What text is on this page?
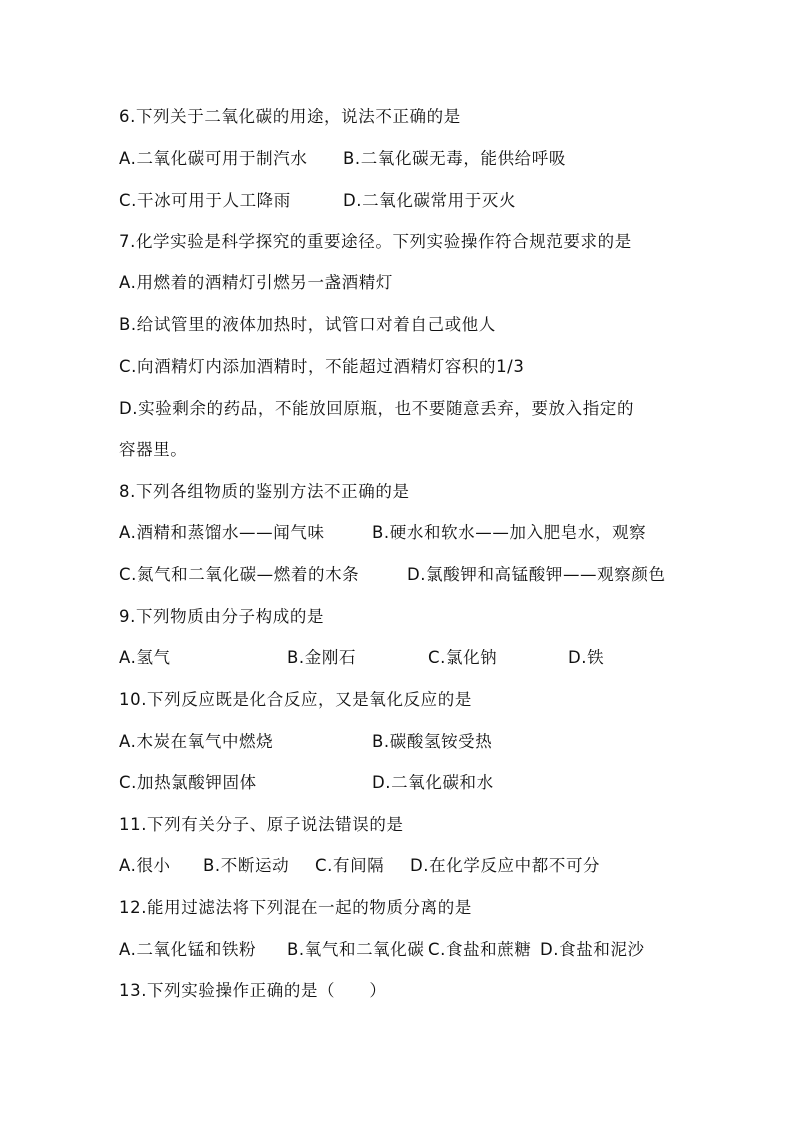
6.下列关于二氧化碳的用途，说法不正确的是
A.二氧化碳可用于制汽水 B.二氧化碳无毒，能供给呼吸
C.干冰可用于人工降雨	D.二氧化碳常用于灭火
7.化学实验是科学探究的重要途径。下列实验操作符合规范要求的是
A.用燃着的酒精灯引燃另一盏酒精灯
B.给试管里的液体加热时，试管口对着自己或他人
C.向酒精灯内添加酒精时，不能超过酒精灯容积的1/3
D.实验剩余的药品，不能放回原瓶，也不要随意丢弃，要放入指定的
容器里。
8.下列各组物质的鉴别方法不正确的是
A.酒精和蒸馏水——闻气味	B.硬水和软水——加入肥皂水，观察
C.氮气和二氧化碳—燃着的木条	D.氯酸钾和高锰酸钾——观察颜色
9.下列物质由分子构成的是
A.氢气	B.金刚石	C.氯化钠	D.铁
10.下列反应既是化合反应，又是氧化反应的是
A.木炭在氧气中燃烧	B.碳酸氢铵受热
C.加热氯酸钾固体	D.二氧化碳和水
11.下列有关分子、原子说法错误的是
A.很小 B.不断运动 C.有间隔 D.在化学反应中都不可分
12.能用过滤法将下列混在一起的物质分离的是
A.二氧化锰和铁粉 B.氧气和二氧化碳 C.食盐和蔗糖 D.食盐和泥沙
13.下列实验操作正确的是（　　）
